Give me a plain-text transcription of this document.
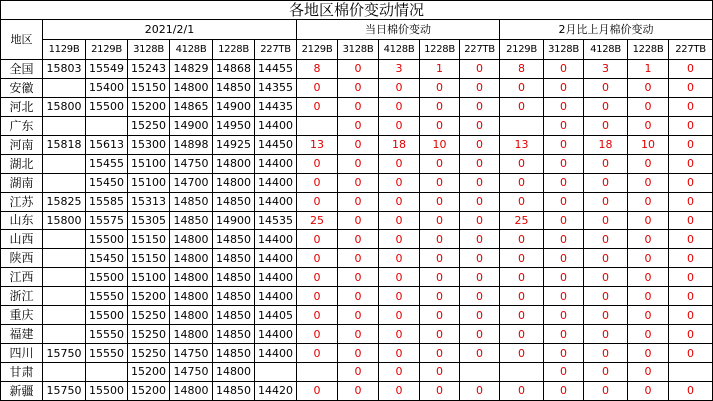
各地区棉价变动情况																
地区	2021/2/1						当日棉价变动					2月比上月棉价变动				
	1129B	2129B	3128B	4128B	1228B	227TB	2129B	3128B	4128B	1228B	227TB	2129B	3128B	4128B	1228B	227TB
全国	15803	15549	15243	14829	14868	14455	8	0	3	1	0	8	0	3	1	0
安徽		15400	15150	14800	14850	14355	0	0	0	0	0	0	0	0	0	0
河北	15800	15500	15200	14865	14900	14435	0	0	0	0	0	0	0	0	0	0
广东			15250	14900	14950	14400		0	0	0	0		0	0	0	0
河南	15818	15613	15300	14898	14925	14450	13	0	18	10	0	13	0	18	10	0
湖北		15455	15100	14750	14800	14400	0	0	0	0	0	0	0	0	0	0
湖南		15450	15100	14700	14800	14400	0	0	0	0	0	0	0	0	0	0
江苏	15825	15585	15313	14850	14850	14400	0	0	0	0	0	0	0	0	0	0
山东	15800	15575	15305	14850	14900	14535	25	0	0	0	0	25	0	0	0	0
山西		15500	15150	14800	14850	14400	0	0	0	0	0	0	0	0	0	0
陕西		15450	15150	14800	14850	14400	0	0	0	0	0	0	0	0	0	0
江西		15500	15100	14800	14850	14400	0	0	0	0	0	0	0	0	0	0
浙江		15550	15200	14800	14850	14400	0	0	0	0	0	0	0	0	0	0
重庆		15500	15250	14800	14850	14405	0	0	0	0	0	0	0	0	0	0
福建		15550	15250	14800	14850	14400	0	0	0	0	0	0	0	0	0	0
四川	15750	15550	15250	14750	14850	14400	0	0	0	0	0	0	0	0	0	0
甘肃			15200	14750	14800			0	0	0			0	0	0	
新疆	15750	15500	15200	14800	14850	14420	0	0	0	0	0	0	0	0	0	0
